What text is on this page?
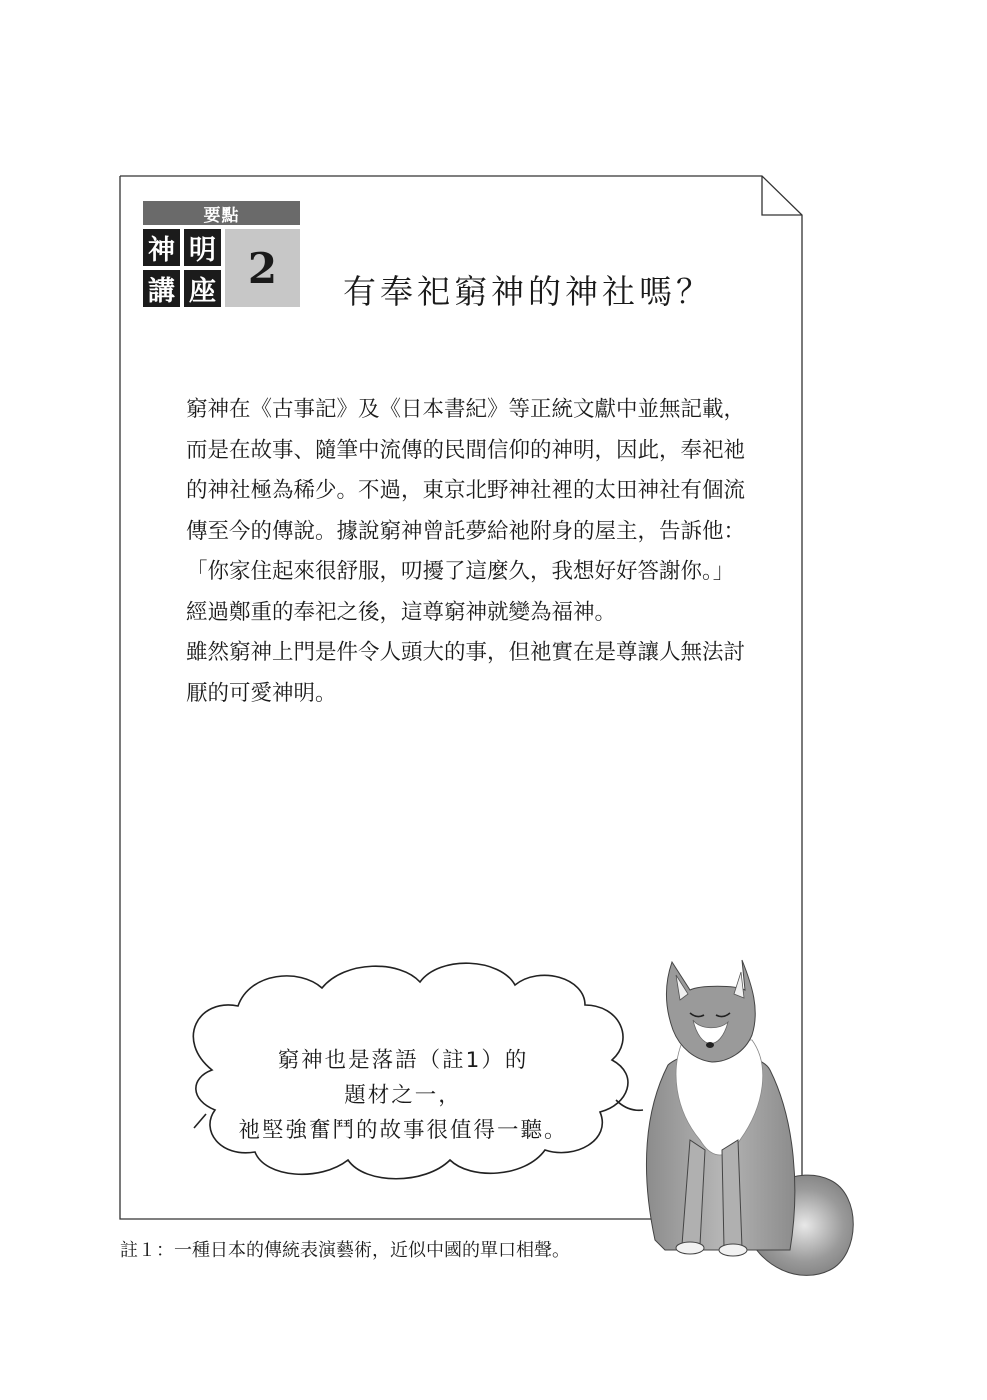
要點
神 明
講 座 2	有奉祀窮神的神社嗎？

窮神在《古事記》及《日本書紀》等正統文獻中並無記載，而是在故事、隨筆中流傳的民間信仰的神明，因此，奉祀祂的神社極為稀少。不過，東京北野神社裡的太田神社有個流傳至今的傳說。據說窮神曾託夢給祂附身的屋主，告訴他：「你家住起來很舒服，叨擾了這麼久，我想好好答謝你。」經過鄭重的奉祀之後，這尊窮神就變為福神。

雖然窮神上門是件令人頭大的事，但祂實在是尊讓人無法討厭的可愛神明。

窮神也是落語（註1）的
題材之一，
祂堅強奮鬥的故事很值得一聽。
註１：一種日本的傳統表演藝術，近似中國的單口相聲。
